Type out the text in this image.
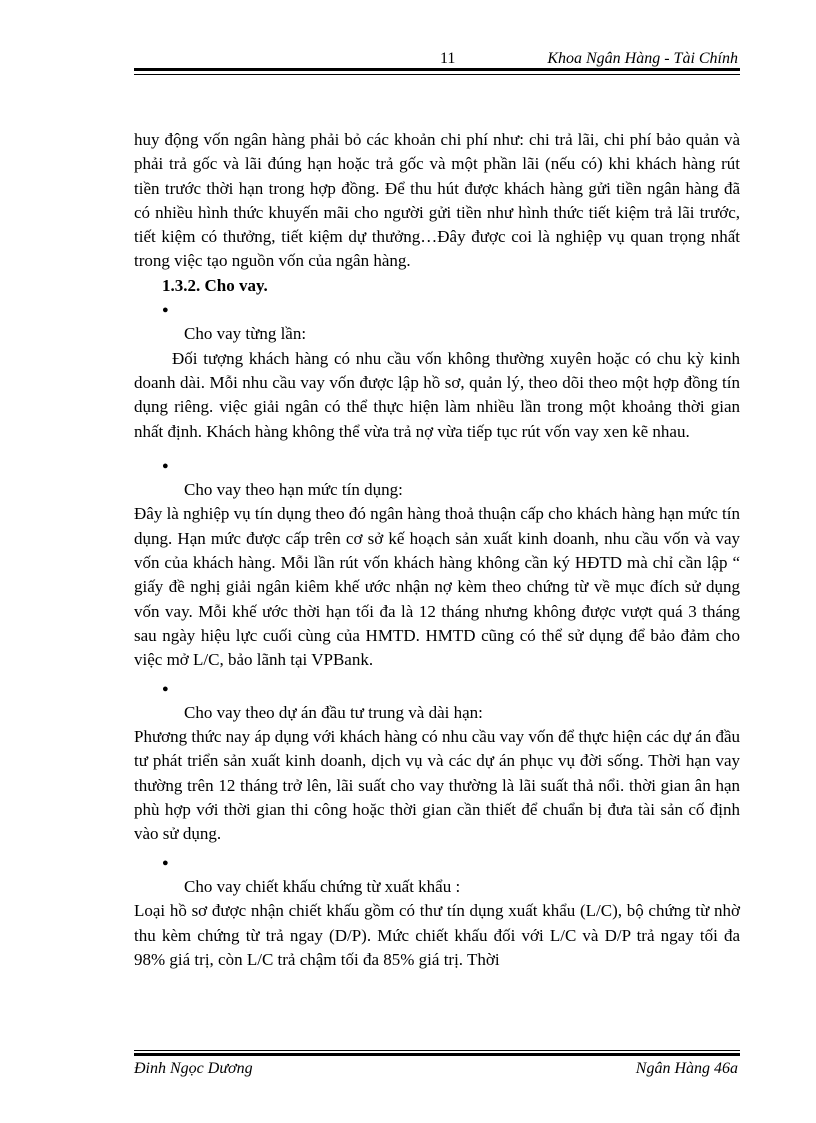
11	Khoa Ngân Hàng - Tài Chính

huy động vốn ngân hàng phải bỏ các khoản chi phí như: chi trả lãi, chi phí bảo quản và phải trả gốc và lãi đúng hạn hoặc trả gốc và một phần lãi (nếu có) khi khách hàng rút tiền trước thời hạn trong hợp đồng. Để thu hút được khách hàng gửi tiền ngân hàng đã có nhiều hình thức khuyến mãi cho người gửi tiền như hình thức tiết kiệm trả lãi trước, tiết kiệm có thưởng, tiết kiệm dự thưởng…Đây được coi là nghiệp vụ quan trọng nhất trong việc tạo nguồn vốn của ngân hàng.

1.3.2. Cho vay.
●
Cho vay từng lần:

Đối tượng khách hàng có nhu cầu vốn không thường xuyên hoặc có chu kỳ kinh doanh dài. Mỗi nhu cầu vay vốn được lập hồ sơ, quản lý, theo dõi theo một hợp đồng tín dụng riêng. việc giải ngân có thể thực hiện làm nhiều lần trong một khoảng thời gian nhất định. Khách hàng không thể vừa trả nợ vừa tiếp tục rút vốn vay xen kẽ nhau.

●
Cho vay theo hạn mức tín dụng:

Đây là nghiệp vụ tín dụng theo đó ngân hàng thoả thuận cấp cho khách hàng hạn mức tín dụng. Hạn mức được cấp trên cơ sở kế hoạch sản xuất kinh doanh, nhu cầu vốn và vay vốn của khách hàng. Mỗi lần rút vốn khách hàng không cần ký HĐTD mà chỉ cần lập “ giấy đề nghị giải ngân kiêm khế ước nhận nợ kèm theo chứng từ về mục đích sử dụng vốn vay. Mỗi khế ước thời hạn tối đa là 12 tháng nhưng không được vượt quá 3 tháng sau ngày hiệu lực cuối cùng của HMTD. HMTD cũng có thể sử dụng để bảo đảm cho việc mở L/C, bảo lãnh tại VPBank.

●
Cho vay theo dự án đầu tư trung và dài hạn:

Phương thức nay áp dụng với khách hàng có nhu cầu vay vốn để thực hiện các dự án đầu tư phát triển sản xuất kinh doanh, dịch vụ và các dự án phục vụ đời sống. Thời hạn vay thường trên 12 tháng trở lên, lãi suất cho vay thường là lãi suất thả nổi. thời gian ân hạn phù hợp với thời gian thi công hoặc thời gian cần thiết để chuẩn bị đưa tài sản cố định vào sử dụng.

●
Cho vay chiết khấu chứng từ xuất khẩu :

Loại hồ sơ được nhận chiết khấu gồm có thư tín dụng xuất khẩu (L/C), bộ chứng từ nhờ thu kèm chứng từ trả ngay (D/P). Mức chiết khấu đối với L/C và D/P trả ngay tối đa 98% giá trị, còn L/C trả chậm tối đa 85% giá trị. Thời

Đinh Ngọc Dương	Ngân Hàng 46a
